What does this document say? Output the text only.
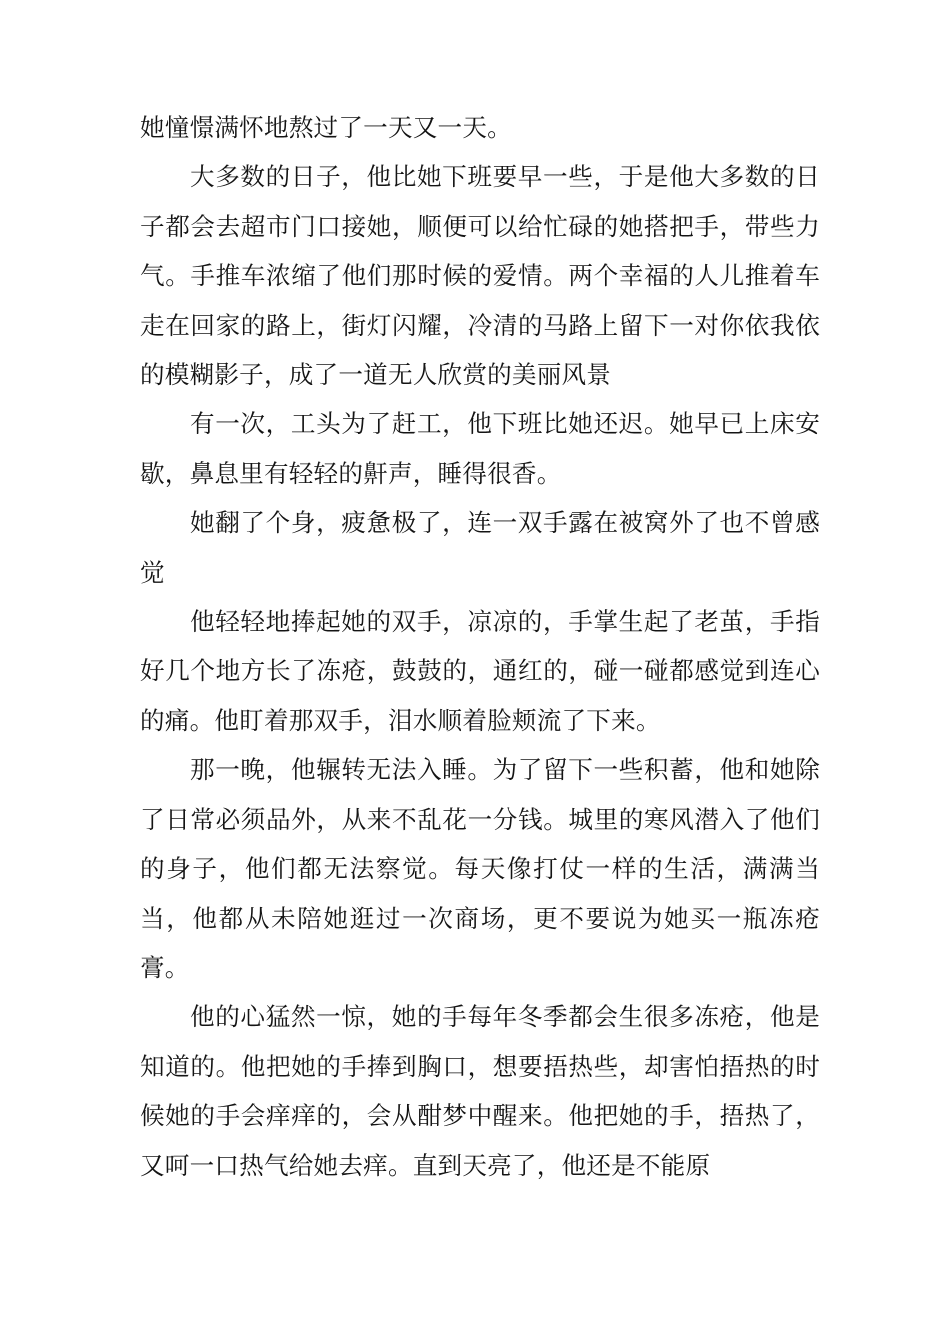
她憧憬满怀地熬过了一天又一天。

大多数的日子，他比她下班要早一些，于是他大多数的日子都会去超市门口接她，顺便可以给忙碌的她搭把手，带些力气。手推车浓缩了他们那时候的爱情。两个幸福的人儿推着车走在回家的路上，街灯闪耀，冷清的马路上留下一对你依我依的模糊影子，成了一道无人欣赏的美丽风景

有一次，工头为了赶工，他下班比她还迟。她早已上床安歇，鼻息里有轻轻的鼾声，睡得很香。

她翻了个身，疲惫极了，连一双手露在被窝外了也不曾感觉

他轻轻地捧起她的双手，凉凉的，手掌生起了老茧，手指好几个地方长了冻疮，鼓鼓的，通红的，碰一碰都感觉到连心的痛。他盯着那双手，泪水顺着脸颊流了下来。

那一晚，他辗转无法入睡。为了留下一些积蓄，他和她除了日常必须品外，从来不乱花一分钱。城里的寒风潜入了他们的身子，他们都无法察觉。每天像打仗一样的生活，满满当当，他都从未陪她逛过一次商场，更不要说为她买一瓶冻疮膏。

他的心猛然一惊，她的手每年冬季都会生很多冻疮，他是知道的。他把她的手捧到胸口，想要捂热些，却害怕捂热的时候她的手会痒痒的，会从酣梦中醒来。他把她的手，捂热了，又呵一口热气给她去痒。直到天亮了，他还是不能原
